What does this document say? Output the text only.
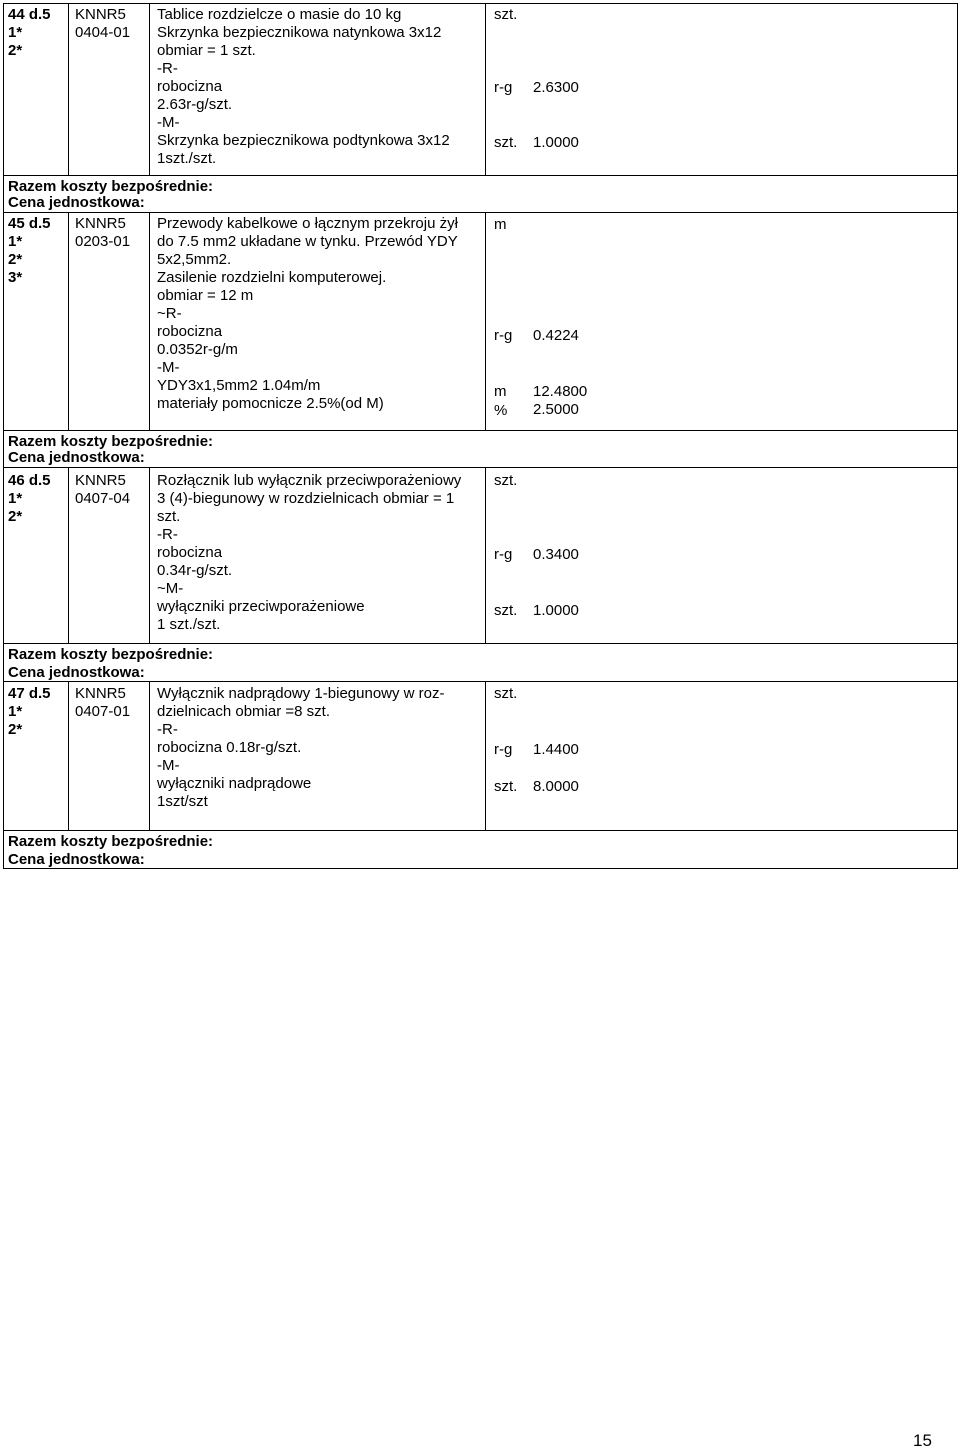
44 d.5
1*
2*
KNNR5
0404-01
Tablice rozdzielcze o masie do 10 kg
Skrzynka bezpiecznikowa natynkowa 3x12
obmiar = 1 szt.
-R-
robocizna
2.63r-g/szt.
-M-
Skrzynka bezpiecznikowa podtynkowa 3x12
1szt./szt.
szt.
r-g
szt.
2.6300
1.0000
Razem koszty bezpośrednie:
Cena jednostkowa:
45 d.5
1*
2*
3*
KNNR5
0203-01
Przewody kabelkowe o łącznym przekroju żył
do 7.5 mm2 układane w tynku. Przewód YDY
5x2,5mm2.
Zasilenie rozdzielni komputerowej.
obmiar = 12 m
~R-
robocizna
0.0352r-g/m
-M-
YDY3x1,5mm2 1.04m/m
materiały pomocnicze 2.5%(od M)
m
r-g
m
%
0.4224
12.4800
2.5000
Razem koszty bezpośrednie:
Cena jednostkowa:
46 d.5
1*
2*
KNNR5
0407-04
Rozłącznik lub wyłącznik przeciwporażeniowy
3 (4)-biegunowy w rozdzielnicach obmiar = 1
szt.
-R-
robocizna
0.34r-g/szt.
~M-
wyłączniki przeciwporażeniowe
1 szt./szt.
szt.
r-g
szt.
0.3400
1.0000
Razem koszty bezpośrednie:
Cena jednostkowa:
47 d.5
1*
2*
KNNR5
0407-01
Wyłącznik nadprądowy 1-biegunowy w roz-
dzielnicach obmiar =8 szt.
-R-
robocizna 0.18r-g/szt.
-M-
wyłączniki nadprądowe
1szt/szt
szt.
r-g
szt.
1.4400
8.0000
Razem koszty bezpośrednie:
Cena jednostkowa:
15
